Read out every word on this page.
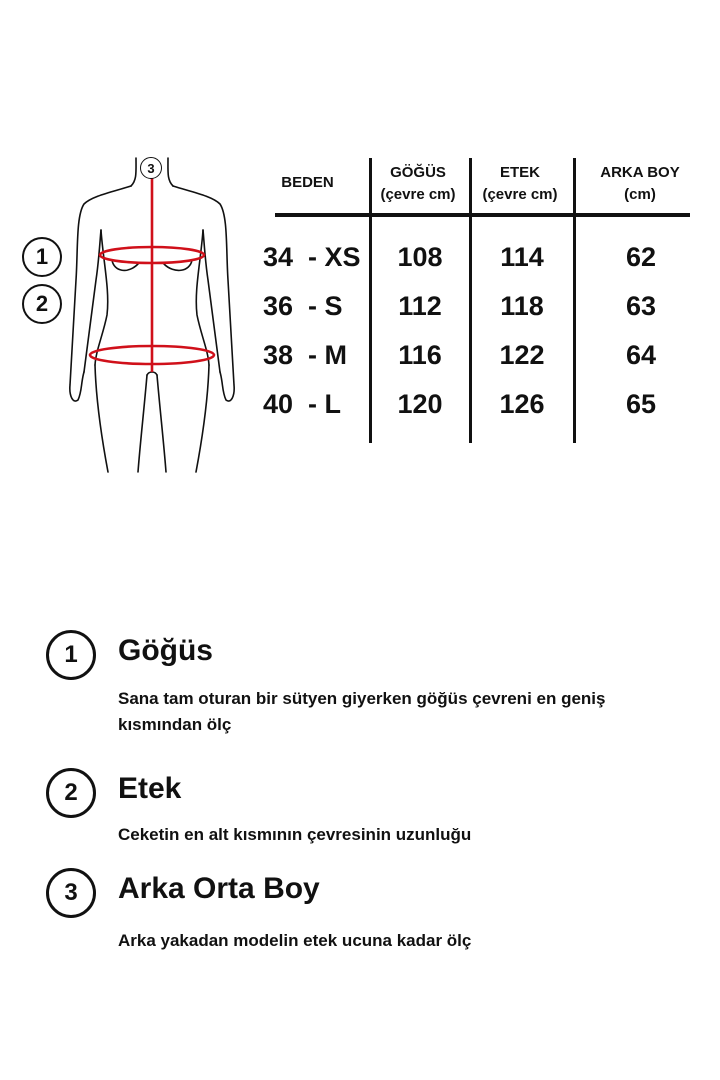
1
2
3
BEDEN
GÖĞÜS
(çevre cm)
ETEK
(çevre cm)
ARKA BOY
(cm)
34  - XS	108	114	62
36  - S	112	118	63
38  - M	116	122	64
40  - L	120	126	65
1	Göğüs
Sana tam oturan bir sütyen giyerken göğüs çevreni en geniş kısmından ölç
2	Etek
Ceketin en alt kısmının çevresinin uzunluğu
3	Arka Orta Boy
Arka yakadan modelin etek ucuna kadar ölç
